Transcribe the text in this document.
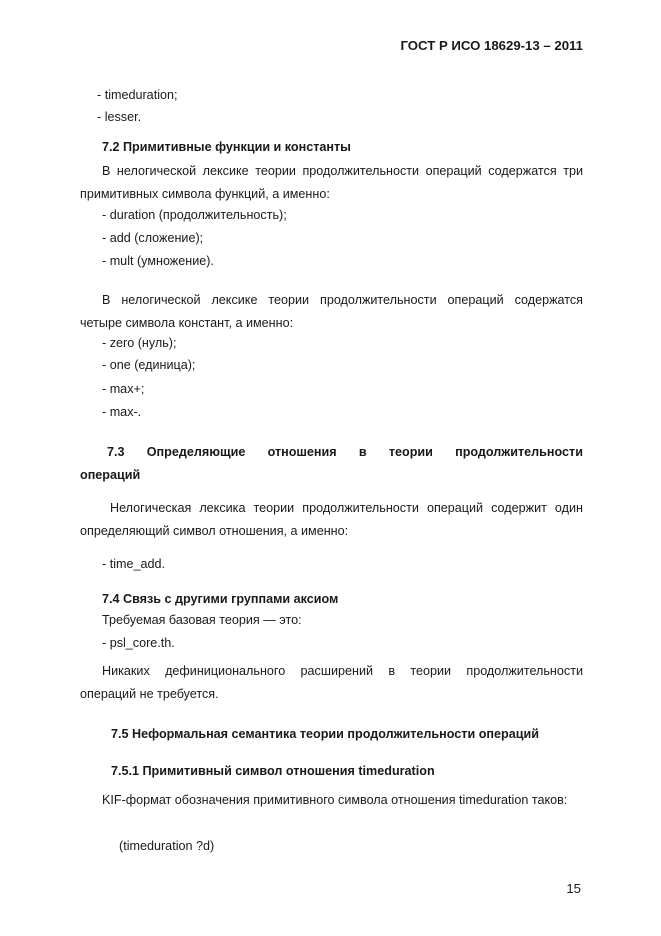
ГОСТ Р ИСО 18629-13 – 2011
- timeduration;
- lesser.
7.2 Примитивные функции и константы
В нелогической лексике теории продолжительности операций содержатся три примитивных символа функций, а именно:
- duration (продолжительность);
- add (сложение);
- mult (умножение).
В нелогической лексике теории продолжительности операций содержатся четыре символа констант, а именно:
- zero (нуль);
- one (единица);
- max+;
- max-.
7.3 Определяющие отношения в теории продолжительности
операций
Нелогическая лексика теории продолжительности операций содержит один определяющий символ отношения, а именно:
- time_add.
7.4 Связь с другими группами аксиом
Требуемая базовая теория — это:
- psl_core.th.
Никаких дефиниционального расширений в теории продолжительности операций не требуется.
7.5 Неформальная семантика теории продолжительности операций
7.5.1 Примитивный символ отношения timeduration
KIF-формат обозначения примитивного символа отношения timeduration таков:
(timeduration ?d)
15
